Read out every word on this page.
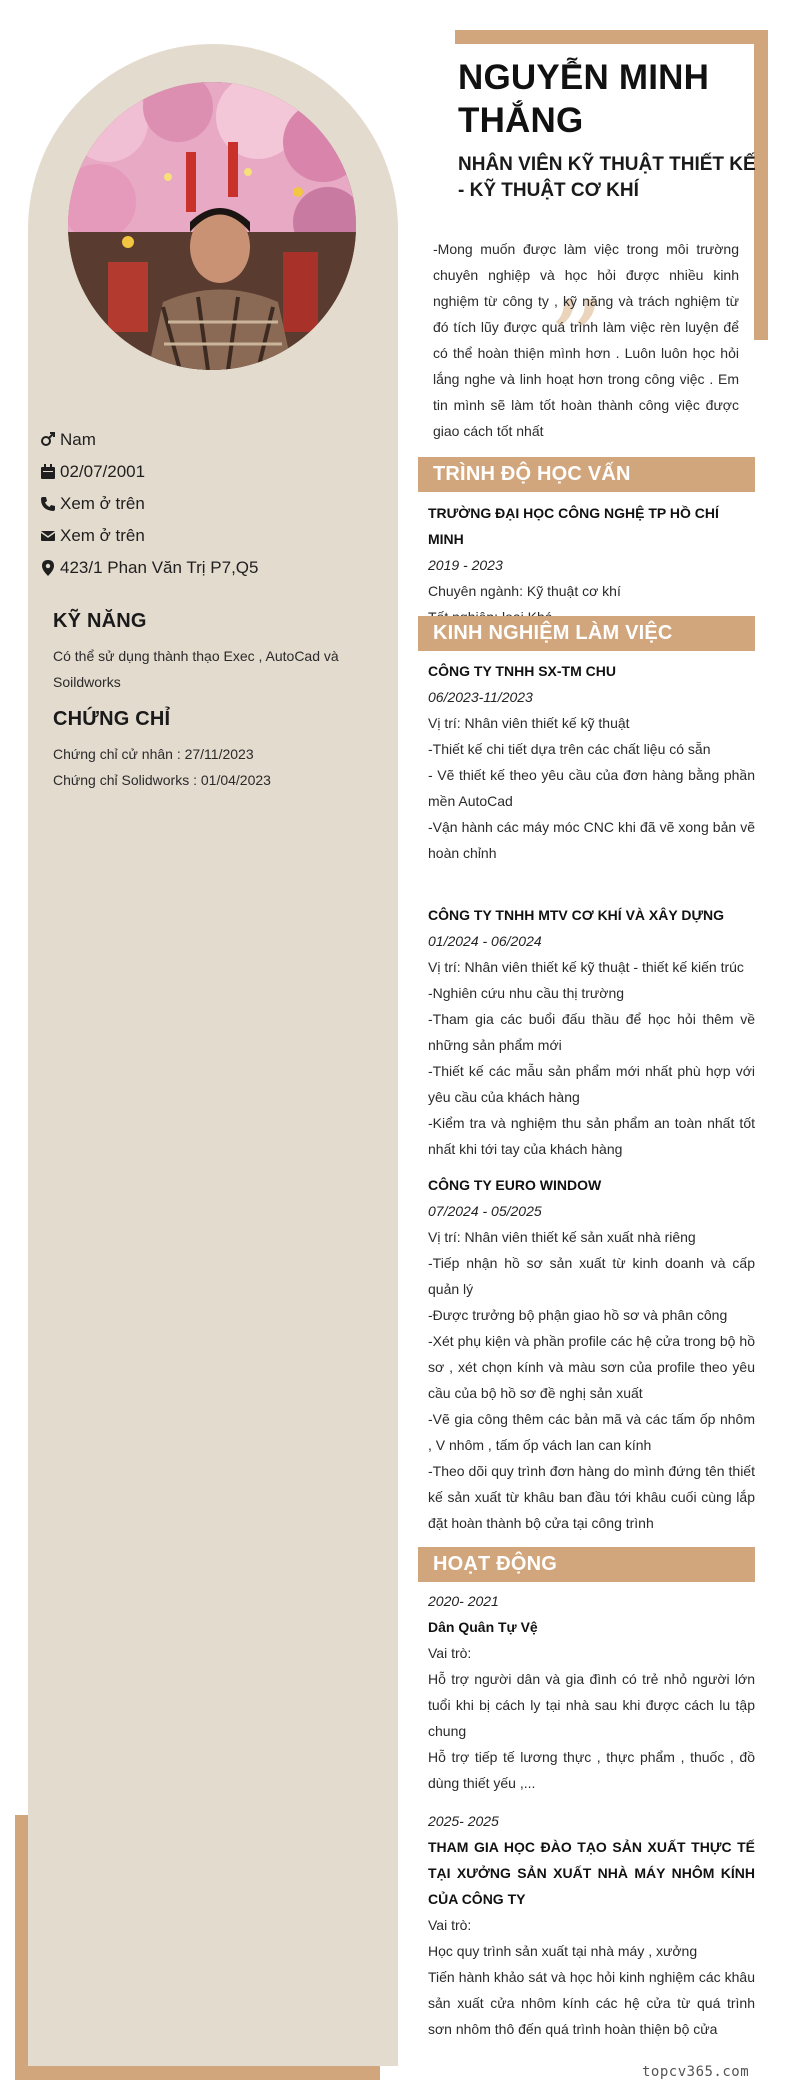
Nam
02/07/2001
Xem ở trên
Xem ở trên
423/1 Phan Văn Trị P7,Q5
KỸ NĂNG

Có thể sử dụng thành thạo Exec , AutoCad và Soildworks

CHỨNG CHỈ

Chứng chỉ cử nhân : 27/11/2023

Chứng chỉ Solidworks : 01/04/2023

NGUYỄN MINH THẮNG
NHÂN VIÊN KỸ THUẬT THIẾT KẾ - KỸ THUẬT CƠ KHÍ
”
-Mong muốn được làm việc trong môi trường chuyên nghiệp và học hỏi được nhiều kinh nghiệm từ công ty , kỹ năng và trách nghiệm từ đó tích lũy được quá trình làm việc rèn luyện để có thể hoàn thiện mình hơn . Luôn luôn học hỏi lắng nghe và linh hoạt hơn trong công việc . Em tin mình sẽ làm tốt hoàn thành công việc được giao cách tốt nhất
TRÌNH ĐỘ HỌC VẤN
TRƯỜNG ĐẠI HỌC CÔNG NGHỆ TP HỒ CHÍ MINH
2019 - 2023
Chuyên ngành: Kỹ thuật cơ khí
KINH NGHIỆM LÀM VIỆC
CÔNG TY TNHH SX-TM CHU
06/2023-11/2023
Vị trí: Nhân viên thiết kế kỹ thuật
-Thiết kế chi tiết dựa trên các chất liệu có sẵn
- Vẽ thiết kế theo yêu cầu của đơn hàng bằng phần mền AutoCad
-Vận hành các máy móc CNC khi đã vẽ xong bản vẽ hoàn chỉnh
CÔNG TY TNHH MTV CƠ KHÍ VÀ XÂY DỰNG
01/2024 - 06/2024
Vị trí: Nhân viên thiết kế kỹ thuật - thiết kế kiến trúc
-Nghiên cứu nhu cầu thị trường
-Tham gia các buổi đấu thầu để học hỏi thêm về những sản phẩm mới
-Thiết kế các mẫu sản phẩm mới nhất phù hợp với yêu cầu của khách hàng
-Kiểm tra và nghiệm thu sản phẩm an toàn nhất tốt nhất khi tới tay của khách hàng
CÔNG TY EURO WINDOW
07/2024 - 05/2025
Vị trí: Nhân viên thiết kế sản xuất nhà riêng
-Tiếp nhận hồ sơ sản xuất từ kinh doanh và cấp quản lý
-Được trưởng bộ phận giao hồ sơ và phân công
-Xét phụ kiện và phần profile các hệ cửa trong bộ hồ sơ , xét chọn kính và màu sơn của profile theo yêu cầu của bộ hồ sơ đề nghị sản xuất
-Vẽ gia công thêm các bản mã và các tấm ốp nhôm , V nhôm , tấm ốp vách lan can kính
-Theo dõi quy trình đơn hàng do mình đứng tên thiết kế sản xuất từ khâu ban đầu tới khâu cuối cùng lắp đặt hoàn thành bộ cửa tại công trình
HOẠT ĐỘNG
2020- 2021
Dân Quân Tự Vệ
Vai trò:
Hỗ trợ người dân và gia đình có trẻ nhỏ người lớn tuổi khi bị cách ly tại nhà sau khi được cách lu tập chung
Hỗ trợ tiếp tế lương thực , thực phẩm , thuốc , đồ dùng thiết yếu ,...
2025- 2025
THAM GIA HỌC ĐÀO TẠO SẢN XUẤT THỰC TẾ TẠI XƯỞNG SẢN XUẤT NHÀ MÁY NHÔM KÍNH CỦA CÔNG TY
Vai trò:
Học quy trình sản xuất tại nhà máy , xưởng
Tiến hành khảo sát và học hỏi kinh nghiệm các khâu sản xuất cửa nhôm kính các hệ cửa từ quá trình sơn nhôm thô đến quá trình hoàn thiện bộ cửa
topcv365.com
